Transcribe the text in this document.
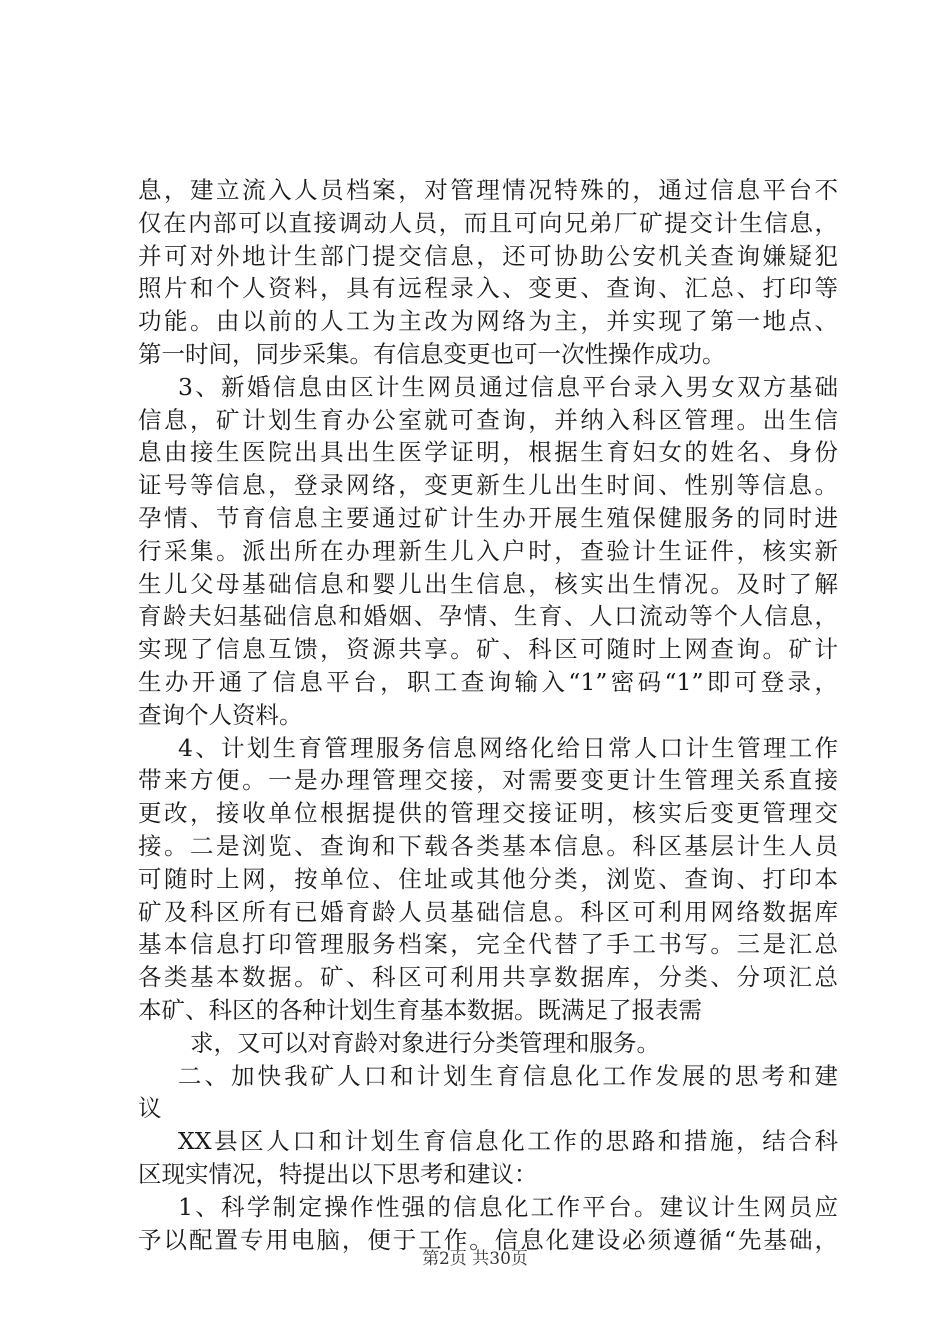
息，建立流入人员档案，对管理情况特殊的，通过信息平台不
仅在内部可以直接调动人员，而且可向兄弟厂矿提交计生信息，
并可对外地计生部门提交信息，还可协助公安机关查询嫌疑犯
照片和个人资料，具有远程录入、变更、查询、汇总、打印等
功能。由以前的人工为主改为网络为主，并实现了第一地点、
第一时间，同步采集。有信息变更也可一次性操作成功。
3、新婚信息由区计生网员通过信息平台录入男女双方基础
信息，矿计划生育办公室就可查询，并纳入科区管理。出生信
息由接生医院出具出生医学证明，根据生育妇女的姓名、身份
证号等信息，登录网络，变更新生儿出生时间、性别等信息。
孕情、节育信息主要通过矿计生办开展生殖保健服务的同时进
行采集。派出所在办理新生儿入户时，查验计生证件，核实新
生儿父母基础信息和婴儿出生信息，核实出生情况。及时了解
育龄夫妇基础信息和婚姻、孕情、生育、人口流动等个人信息，
实现了信息互馈，资源共享。矿、科区可随时上网查询。矿计
生办开通了信息平台，职工查询输入“1”密码“1”即可登录，
查询个人资料。
4、计划生育管理服务信息网络化给日常人口计生管理工作
带来方便。一是办理管理交接，对需要变更计生管理关系直接
更改，接收单位根据提供的管理交接证明，核实后变更管理交
接。二是浏览、查询和下载各类基本信息。科区基层计生人员
可随时上网，按单位、住址或其他分类，浏览、查询、打印本
矿及科区所有已婚育龄人员基础信息。科区可利用网络数据库
基本信息打印管理服务档案，完全代替了手工书写。三是汇总
各类基本数据。矿、科区可利用共享数据库，分类、分项汇总
本矿、科区的各种计划生育基本数据。既满足了报表需
求，又可以对育龄对象进行分类管理和服务。
二、加快我矿人口和计划生育信息化工作发展的思考和建
议
XX县区人口和计划生育信息化工作的思路和措施，结合科
区现实情况，特提出以下思考和建议：
1、科学制定操作性强的信息化工作平台。建议计生网员应
予以配置专用电脑，便于工作。信息化建设必须遵循“先基础，
第2页 共30页
